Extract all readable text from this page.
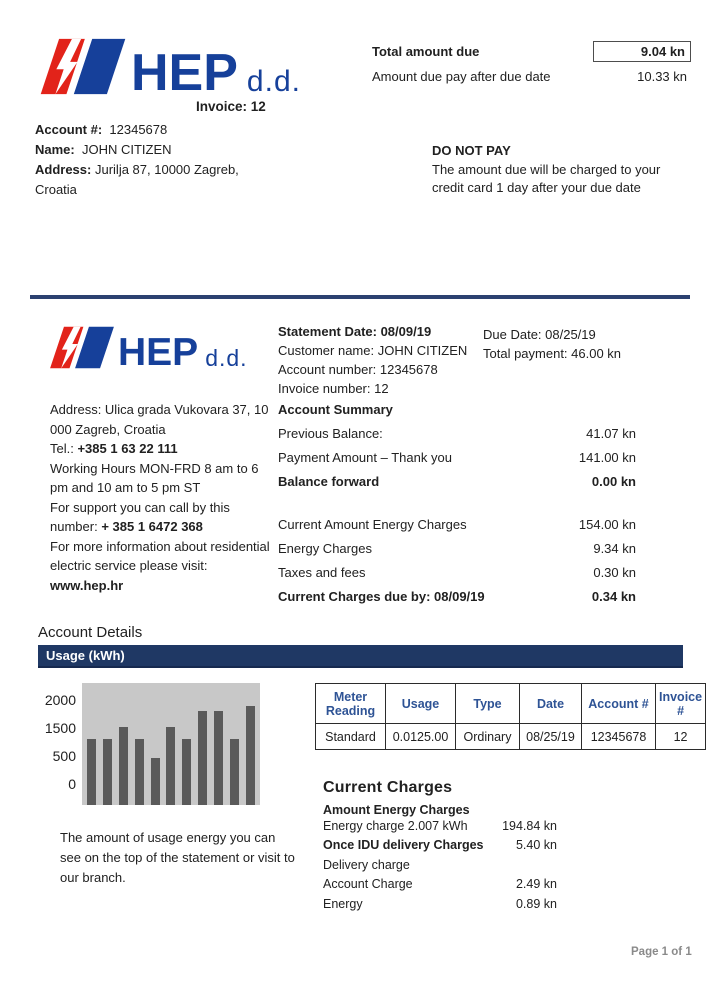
HEP d.d.
Invoice: 12

Account #: 12345678

Name: JOHN CITIZEN

Address: Jurilja 87, 10000 Zagreb, Croatia

Total amount due	9.04 kn
Amount due pay after due date	10.33 kn
DO NOT PAY
The amount due will be charged to your credit card 1 day after your due date
HEP d.d.

Address: Ulica grada Vukovara 37, 10 000 Zagreb, Croatia

Tel.: +385 1 63 22 111

Working Hours MON-FRD 8 am to 6 pm and 10 am to 5 pm ST

For support you can call by this number: + 385 1 6472 368

For more information about residential electric service please visit: www.hep.hr

Statement Date: 08/09/19

Customer name: JOHN CITIZEN

Account number: 12345678

Invoice number: 12

Due Date: 08/25/19

Total payment: 46.00 kn

Account Summary
Previous Balance:	41.07 kn
Payment Amount – Thank you	141.00 kn
Balance forward	0.00 kn
Current Amount Energy Charges	154.00 kn
Energy Charges	9.34 kn
Taxes and fees	0.30 kn
Current Charges due by: 08/09/19	0.34 kn
Account Details
Usage (kWh)
2000
1500
500
0
The amount of usage energy you can see on the top of the statement or visit to our branch.
Meter Reading	Usage	Type	Date	Account #	Invoice #
Standard	0.0125.00	Ordinary	08/25/19	12345678	12
Current Charges
Amount Energy Charges
Energy charge 2.007 kWh	194.84 kn
Once IDU delivery Charges	5.40 kn
Delivery charge
Account Charge	2.49 kn
Energy	0.89 kn
Page 1 of 1
